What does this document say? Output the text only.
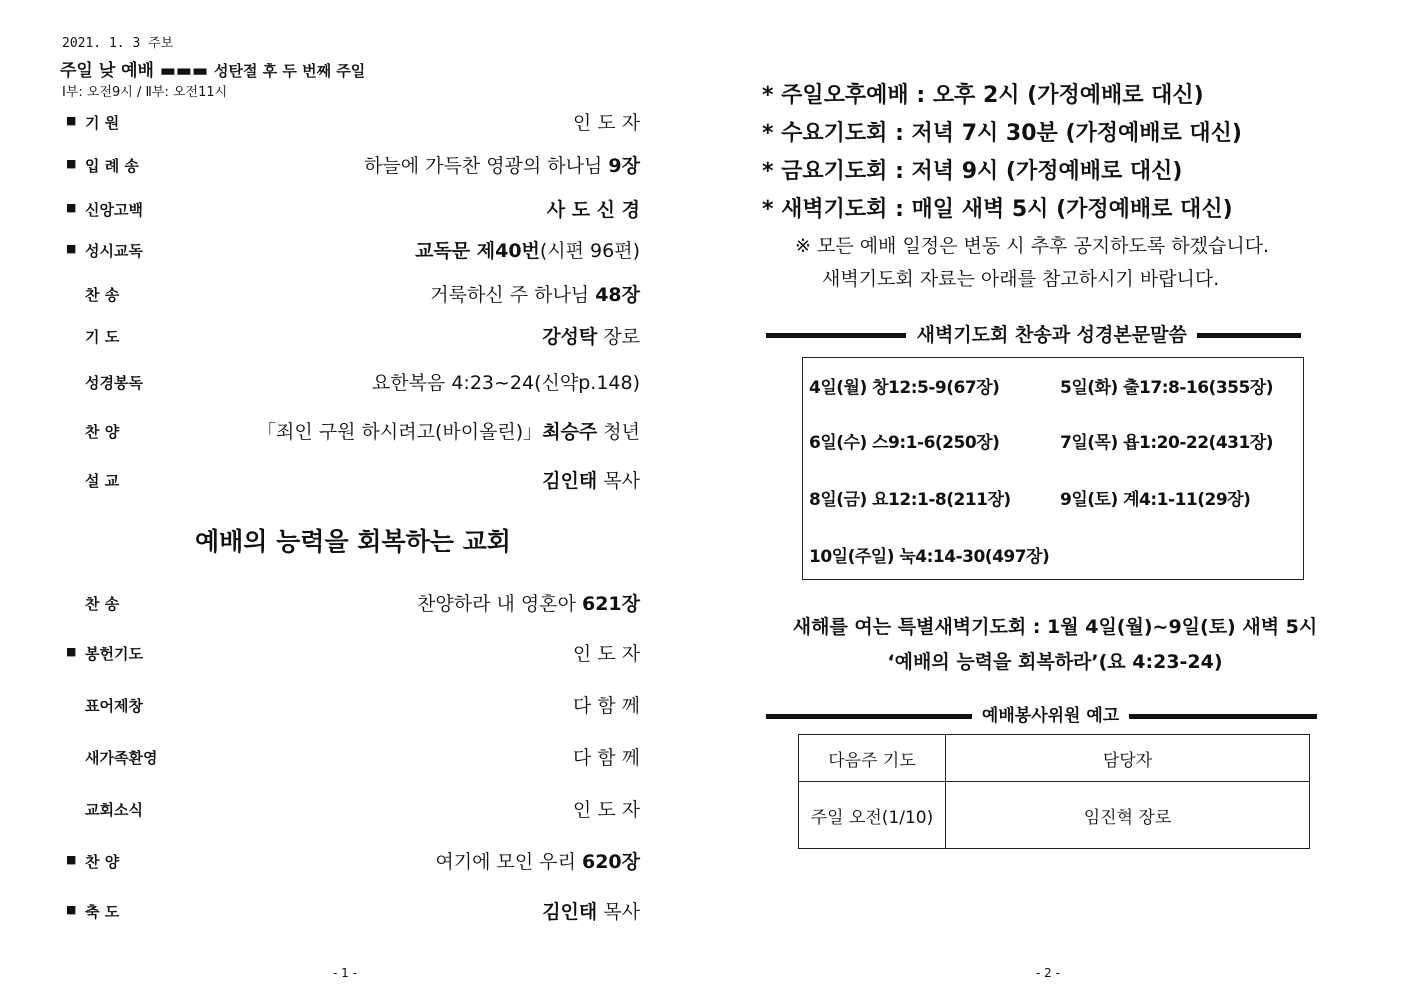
2021. 1. 3 주보
주일 낮 예배 ▬▬▬ 성탄절 후 두 번째 주일
Ⅰ부: 오전9시 / Ⅱ부: 오전11시
■ 기 원	인 도 자
■ 입 례 송	하늘에 가득찬 영광의 하나님 9장
■ 신앙고백	사 도 신 경
■ 성시교독	교독문 제40번(시편 96편)
찬 송	거룩하신 주 하나님 48장
기 도	강성탁 장로
성경봉독	요한복음 4:23~24(신약p.148)
찬 양	「죄인 구원 하시려고(바이올린)」최승주 청년
설 교	김인태 목사
예배의 능력을 회복하는 교회
찬 송	찬양하라 내 영혼아 621장
■ 봉헌기도	인 도 자
표어제창	다 함 께
새가족환영	다 함 께
교회소식	인 도 자
■ 찬 양	여기에 모인 우리 620장
■ 축 도	김인태 목사
- 1 -
* 주일오후예배 : 오후 2시 (가정예배로 대신)
* 수요기도회 : 저녁 7시 30분 (가정예배로 대신)
* 금요기도회 : 저녁 9시 (가정예배로 대신)
* 새벽기도회 : 매일 새벽 5시 (가정예배로 대신)
※ 모든 예배 일정은 변동 시 추후 공지하도록 하겠습니다.
새벽기도회 자료는 아래를 참고하시기 바랍니다.
새벽기도회 찬송과 성경본문말씀
4일(월) 창12:5-9(67장)	5일(화) 출17:8-16(355장)
6일(수) 스9:1-6(250장)	7일(목) 욥1:20-22(431장)
8일(금) 요12:1-8(211장)	9일(토) 계4:1-11(29장)
10일(주일) 눅4:14-30(497장)
새해를 여는 특별새벽기도회 : 1월 4일(월)~9일(토) 새벽 5시
‘예배의 능력을 회복하라’(요 4:23-24)
예배봉사위원 예고
다음주 기도	담당자
주일 오전(1/10)	임진혁 장로
- 2 -
